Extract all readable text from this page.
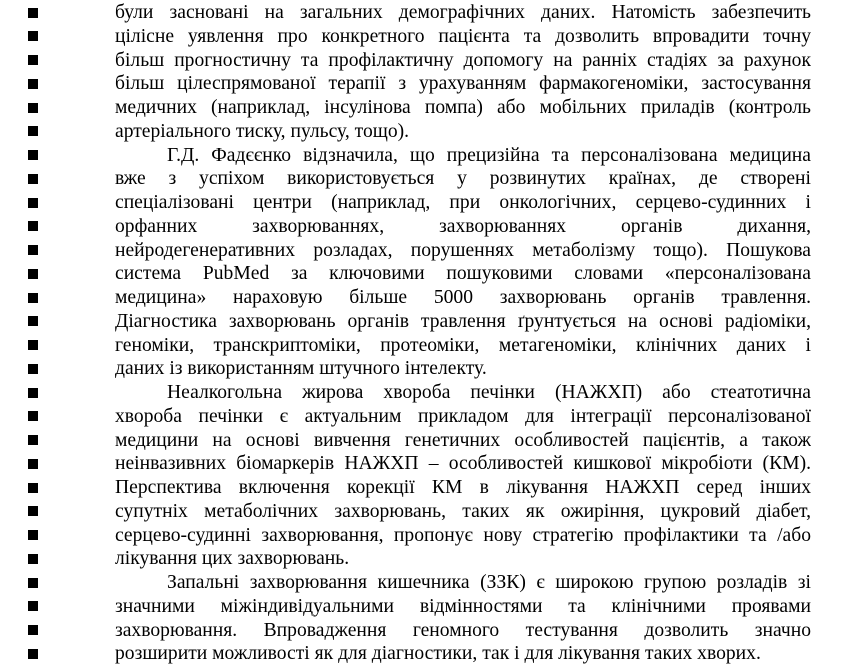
були засновані на загальних демографічних даних. Натомість забезпечить
цілісне уявлення про конкретного пацієнта та дозволить впровадити точну
більш прогностичну та профілактичну допомогу на ранніх стадіях за рахунок
більш цілеспрямованої терапії з урахуванням фармакогеноміки, застосування
медичних (наприклад, інсулінова помпа) або мобільних приладів (контроль
артеріального тиску, пульсу, тощо).
Г.Д. Фадєєнко відзначила, що прецизійна та персоналізована медицина
вже з успіхом використовується у розвинутих країнах, де створені
спеціалізовані центри (наприклад, при онкологічних, серцево-судинних і
орфанних захворюваннях, захворюваннях органів дихання,
нейродегенеративних розладах, порушеннях метаболізму тощо). Пошукова
система PubMed за ключовими пошуковими словами «персоналізована
медицина» нараховую більше 5000 захворювань органів травлення.
Діагностика захворювань органів травлення ґрунтується на основі радіоміки,
геноміки, транскриптоміки, протеоміки, метагеноміки, клінічних даних і
даних із використанням штучного інтелекту.
Неалкогольна жирова хвороба печінки (НАЖХП) або стеатотична
хвороба печінки є актуальним прикладом для інтеграції персоналізованої
медицини на основі вивчення генетичних особливостей пацієнтів, а також
неінвазивних біомаркерів НАЖХП – особливостей кишкової мікробіоти (КМ).
Перспектива включення корекції КМ в лікування НАЖХП серед інших
супутніх метаболічних захворювань, таких як ожиріння, цукровий діабет,
серцево-судинні захворювання, пропонує нову стратегію профілактики та /або
лікування цих захворювань.
Запальні захворювання кишечника (ЗЗК) є широкою групою розладів зі
значними міжіндивідуальними відмінностями та клінічними проявами
захворювання. Впровадження геномного тестування дозволить значно
розширити можливості як для діагностики, так і для лікування таких хворих.
